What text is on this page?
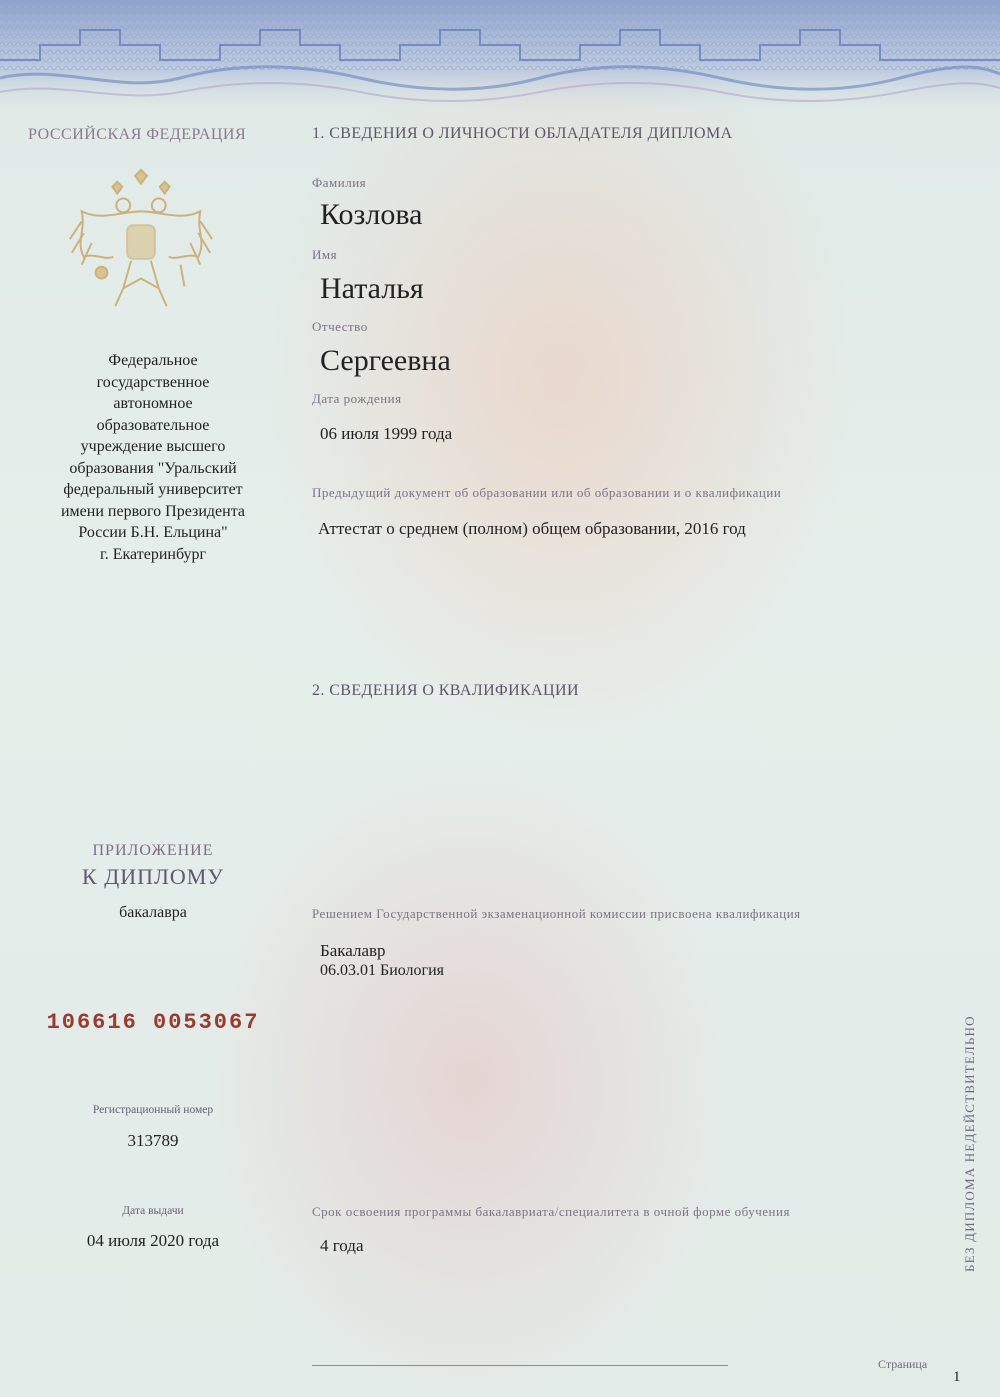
РОССИЙСКАЯ ФЕДЕРАЦИЯ
Федеральное
государственное
автономное
образовательное
учреждение высшего
образования "Уральский
федеральный университет
имени первого Президента
России Б.Н. Ельцина"
г. Екатеринбург
ПРИЛОЖЕНИЕ
К ДИПЛОМУ
бакалавра
106616 0053067
Регистрационный номер
313789
Дата выдачи
04 июля 2020 года
1. СВЕДЕНИЯ О ЛИЧНОСТИ ОБЛАДАТЕЛЯ ДИПЛОМА
Фамилия
Козлова
Имя
Наталья
Отчество
Сергеевна
Дата рождения
06 июля 1999 года
Предыдущий документ об образовании или об образовании и о квалификации
Аттестат о среднем (полном) общем образовании, 2016 год
2. СВЕДЕНИЯ О КВАЛИФИКАЦИИ
Решением Государственной экзаменационной комиссии присвоена квалификация
Бакалавр
06.03.01 Биология
Срок освоения программы бакалавриата/специалитета в очной форме обучения
4 года
Страница
1
БЕЗ ДИПЛОМА НЕДЕЙСТВИТЕЛЬНО
